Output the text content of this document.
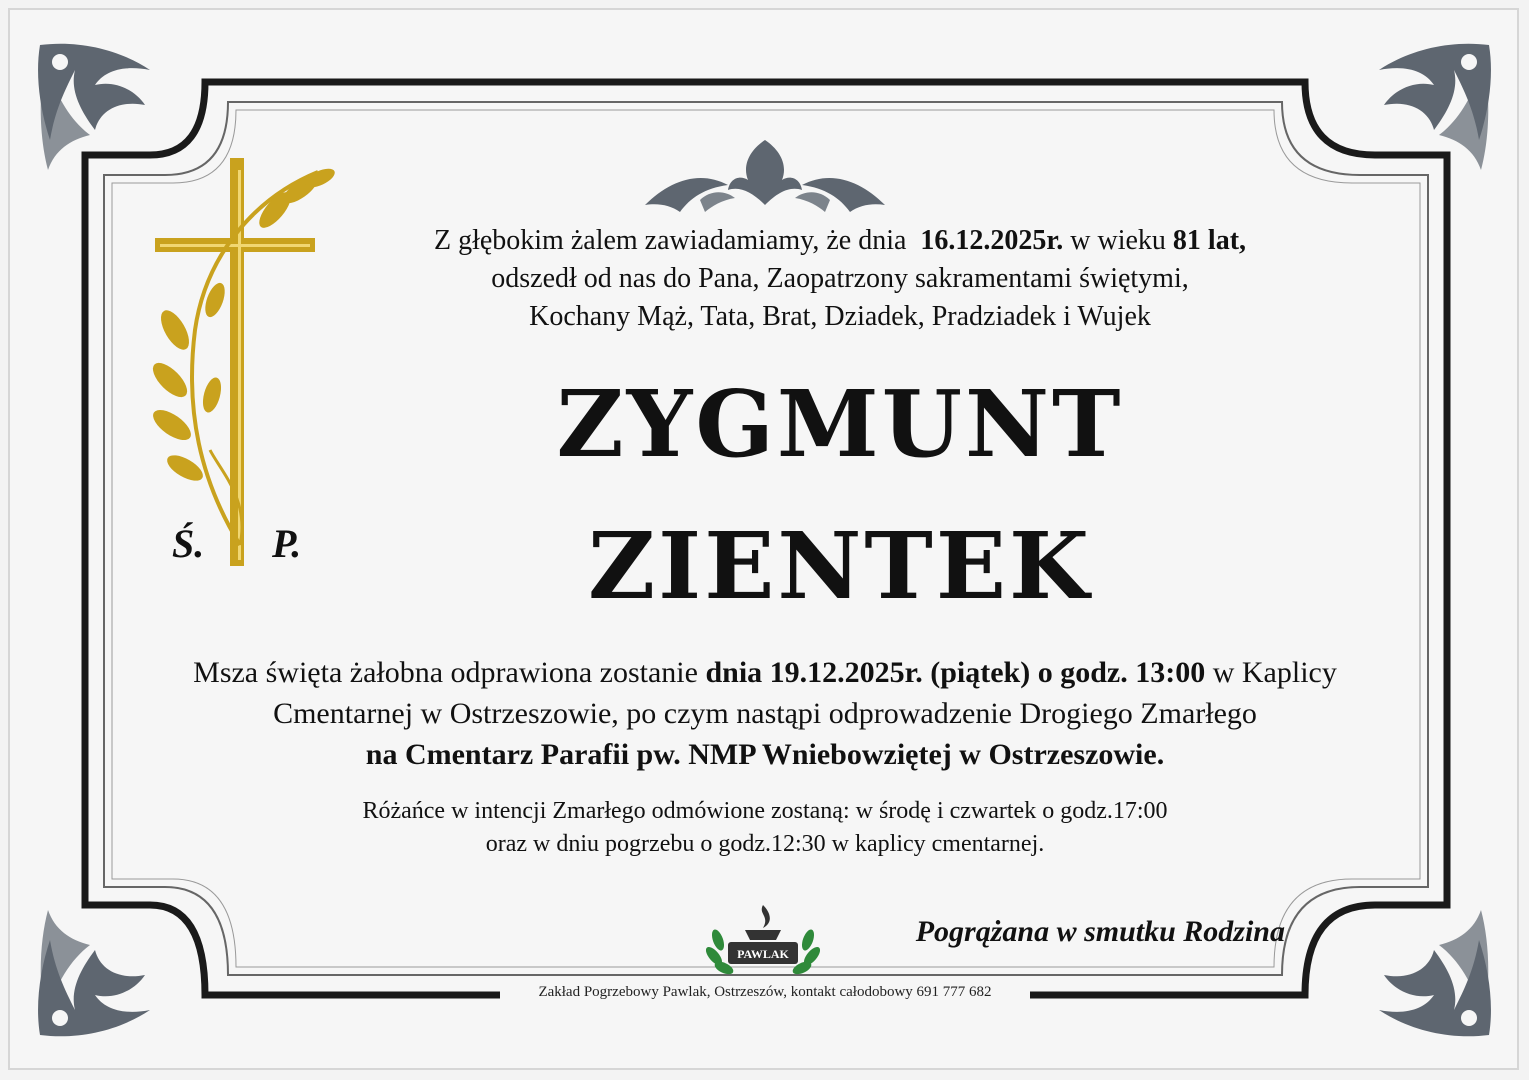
Ś. P.
Z głębokim żalem zawiadamiamy, że dnia 16.12.2025r. w wieku 81 lat,
odszedł od nas do Pana, Zaopatrzony sakramentami świętymi,
Kochany Mąż, Tata, Brat, Dziadek, Pradziadek i Wujek
ZYGMUNT
ZIENTEK
Msza święta żałobna odprawiona zostanie dnia 19.12.2025r. (piątek) o godz. 13:00 w Kaplicy
Cmentarnej w Ostrzeszowie, po czym nastąpi odprowadzenie Drogiego Zmarłego
na Cmentarz Parafii pw. NMP Wniebowziętej w Ostrzeszowie.
Różańce w intencji Zmarłego odmówione zostaną: w środę i czwartek o godz.17:00
oraz w dniu pogrzebu o godz.12:30 w kaplicy cmentarnej.
PAWLAK
Pogrążana w smutku Rodzina
Zakład Pogrzebowy Pawlak, Ostrzeszów, kontakt całodobowy 691 777 682
